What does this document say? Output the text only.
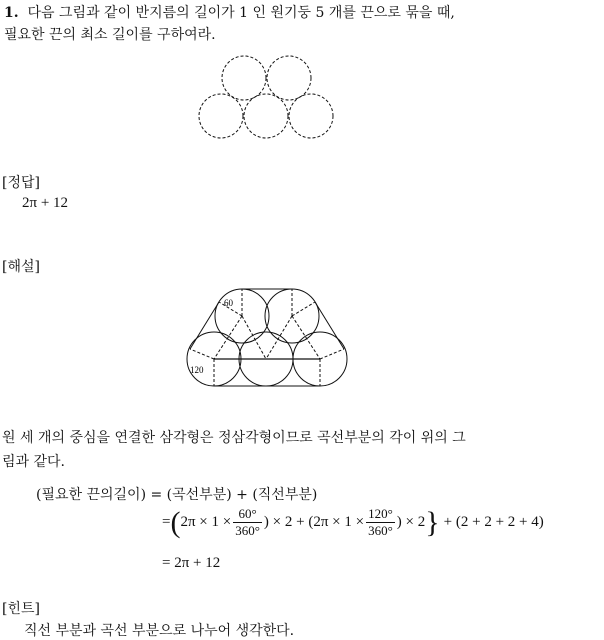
1. 다음 그림과 같이 반지름의 길이가 1 인 원기둥 5 개를 끈으로 묶을 때,
필요한 끈의 최소 길이를 구하여라.
[정답]
2π + 12
[해설]
60
120
원 세 개의 중심을 연결한 삼각형은 정삼각형이므로 곡선부분의 각이 위의 그
림과 같다.
(필요한 끈의길이) = (곡선부분) + (직선부분)
= ( $2\pi \times 1 \times \frac{60^\circ}{360^\circ}$ ) × $2 + (2\pi \times 1 \times \frac{120^\circ}{360^\circ}$ ) × 2 } + (2 + 2 + 2 + 4)
= 2π + 12
[힌트]
직선 부분과 곡선 부분으로 나누어 생각한다.
